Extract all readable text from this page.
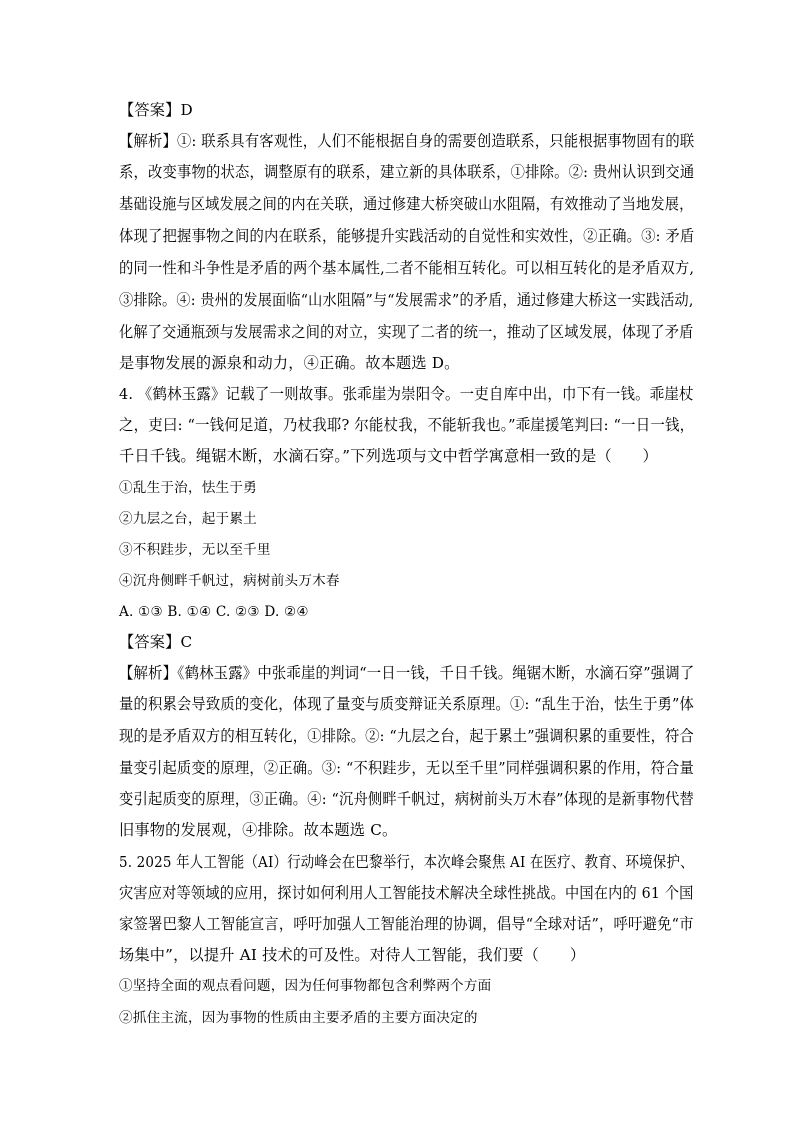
【答案】D
【解析】①: 联系具有客观性，人们不能根据自身的需要创造联系，只能根据事物固有的联
系，改变事物的状态，调整原有的联系，建立新的具体联系，①排除。②: 贵州认识到交通
基础设施与区域发展之间的内在关联，通过修建大桥突破山水阻隔，有效推动了当地发展，
体现了把握事物之间的内在联系，能够提升实践活动的自觉性和实效性，②正确。③: 矛盾
的同一性和斗争性是矛盾的两个基本属性,二者不能相互转化。可以相互转化的是矛盾双方,
③排除。④: 贵州的发展面临“山水阻隔”与“发展需求”的矛盾，通过修建大桥这一实践活动,
化解了交通瓶颈与发展需求之间的对立，实现了二者的统一，推动了区域发展，体现了矛盾
是事物发展的源泉和动力，④正确。故本题选 D。
4. 《鹤林玉露》记载了一则故事。张乖崖为崇阳令。一吏自库中出，巾下有一钱。乖崖杖
之，吏曰: “一钱何足道，乃杖我耶? 尔能杖我，不能斩我也。”乖崖援笔判曰: “一日一钱，
千日千钱。绳锯木断，水滴石穿。”下列选项与文中哲学寓意相一致的是（　　）
①乱生于治，怯生于勇
②九层之台，起于累土
③不积跬步，无以至千里
④沉舟侧畔千帆过，病树前头万木春
A. ①③ B. ①④ C. ②③ D. ②④
【答案】C
【解析】《鹤林玉露》中张乖崖的判词“一日一钱，千日千钱。绳锯木断，水滴石穿”强调了
量的积累会导致质的变化，体现了量变与质变辩证关系原理。①: “乱生于治，怯生于勇”体
现的是矛盾双方的相互转化，①排除。②: “九层之台，起于累土”强调积累的重要性，符合
量变引起质变的原理，②正确。③: “不积跬步，无以至千里”同样强调积累的作用，符合量
变引起质变的原理，③正确。④: “沉舟侧畔千帆过，病树前头万木春”体现的是新事物代替
旧事物的发展观，④排除。故本题选 C。
5. 2025 年人工智能（AI）行动峰会在巴黎举行，本次峰会聚焦 AI 在医疗、教育、环境保护、
灾害应对等领域的应用，探讨如何利用人工智能技术解决全球性挑战。中国在内的 61 个国
家签署巴黎人工智能宣言，呼吁加强人工智能治理的协调，倡导“全球对话”，呼吁避免“市
场集中”，以提升 AI 技术的可及性。对待人工智能，我们要（　　）
①坚持全面的观点看问题，因为任何事物都包含利弊两个方面
②抓住主流，因为事物的性质由主要矛盾的主要方面决定的
